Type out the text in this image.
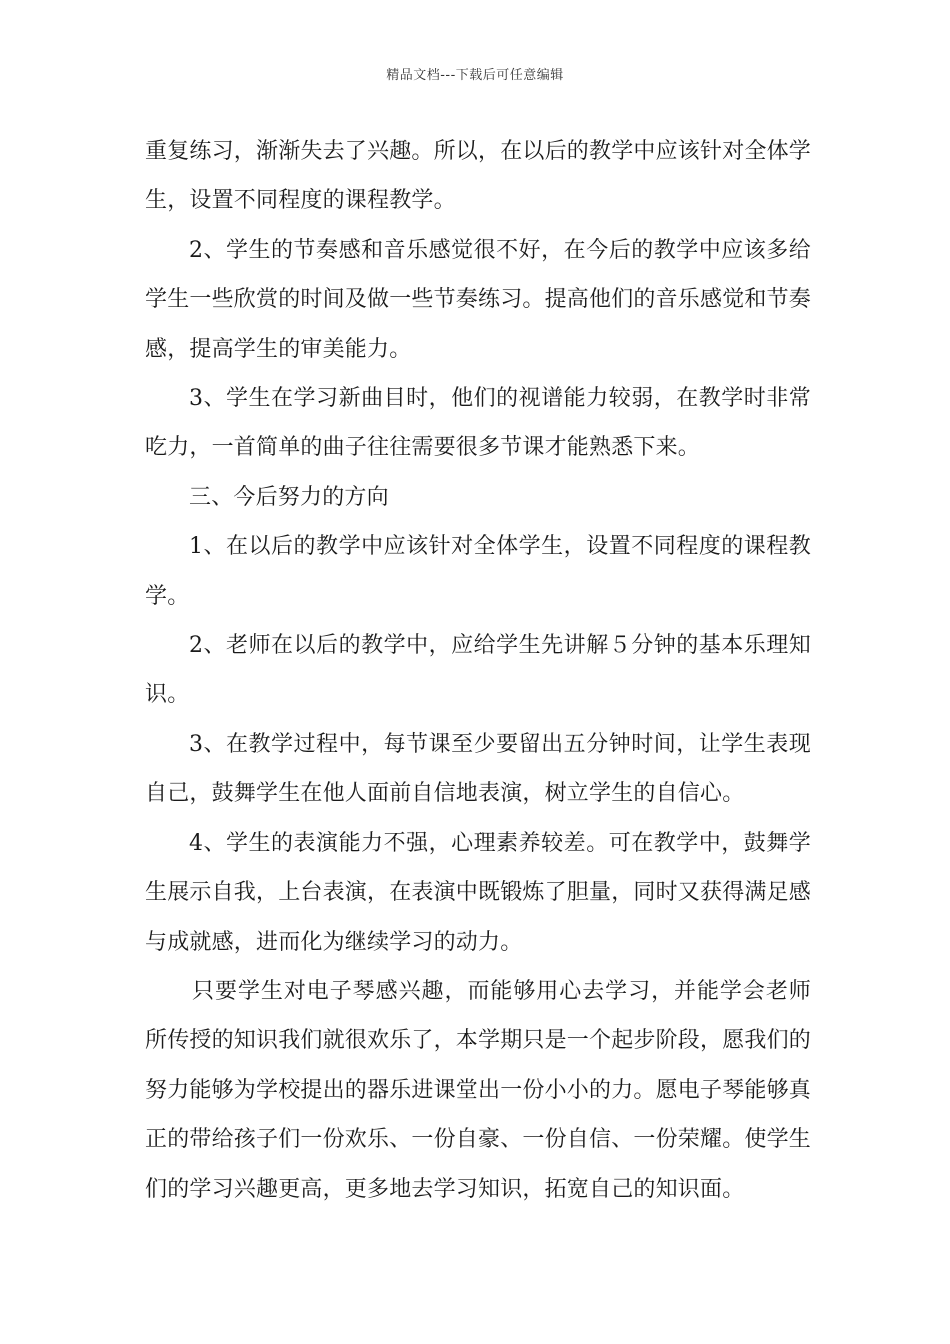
精品文档---下载后可任意编辑

重复练习，渐渐失去了兴趣。所以，在以后的教学中应该针对全体学生，设置不同程度的课程教学。

2、学生的节奏感和音乐感觉很不好，在今后的教学中应该多给学生一些欣赏的时间及做一些节奏练习。提高他们的音乐感觉和节奏感，提高学生的审美能力。

3、学生在学习新曲目时，他们的视谱能力较弱，在教学时非常吃力，一首简单的曲子往往需要很多节课才能熟悉下来。

三、今后努力的方向

1、在以后的教学中应该针对全体学生，设置不同程度的课程教学。

2、老师在以后的教学中，应给学生先讲解５分钟的基本乐理知识。

3、在教学过程中，每节课至少要留出五分钟时间，让学生表现自己，鼓舞学生在他人面前自信地表演，树立学生的自信心。

4、学生的表演能力不强，心理素养较差。可在教学中，鼓舞学生展示自我，上台表演，在表演中既锻炼了胆量，同时又获得满足感与成就感，进而化为继续学习的动力。

只要学生对电子琴感兴趣，而能够用心去学习，并能学会老师所传授的知识我们就很欢乐了，本学期只是一个起步阶段，愿我们的努力能够为学校提出的器乐进课堂出一份小小的力。愿电子琴能够真正的带给孩子们一份欢乐、一份自豪、一份自信、一份荣耀。使学生们的学习兴趣更高，更多地去学习知识，拓宽自己的知识面。
